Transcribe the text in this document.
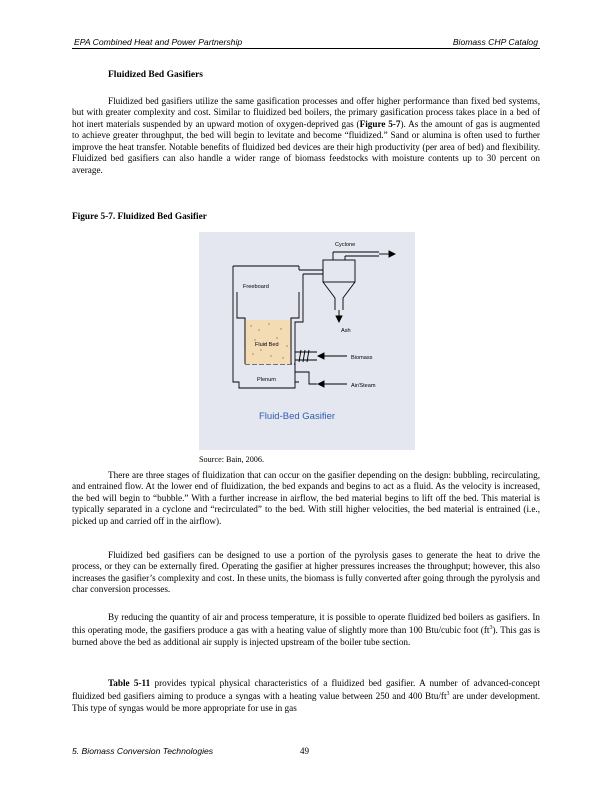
EPA Combined Heat and Power Partnership	Biomass CHP Catalog
Fluidized Bed Gasifiers

Fluidized bed gasifiers utilize the same gasification processes and offer higher performance than fixed bed systems, but with greater complexity and cost. Similar to fluidized bed boilers, the primary gasification process takes place in a bed of hot inert materials suspended by an upward motion of oxygen-deprived gas (Figure 5-7). As the amount of gas is augmented to achieve greater throughput, the bed will begin to levitate and become “fluidized.” Sand or alumina is often used to further improve the heat transfer. Notable benefits of fluidized bed devices are their high productivity (per area of bed) and flexibility. Fluidized bed gasifiers can also handle a wider range of biomass feedstocks with moisture contents up to 30 percent on average.

Figure 5-7. Fluidized Bed Gasifier
Cyclone
Freeboard
Ash
Fluid Bed
Biomass
Plenum
Air/Steam
Fluid-Bed Gasifier
Source: Bain, 2006.

There are three stages of fluidization that can occur on the gasifier depending on the design: bubbling, recirculating, and entrained flow. At the lower end of fluidization, the bed expands and begins to act as a fluid. As the velocity is increased, the bed will begin to “bubble.” With a further increase in airflow, the bed material begins to lift off the bed. This material is typically separated in a cyclone and “recirculated” to the bed. With still higher velocities, the bed material is entrained (i.e., picked up and carried off in the airflow).

Fluidized bed gasifiers can be designed to use a portion of the pyrolysis gases to generate the heat to drive the process, or they can be externally fired. Operating the gasifier at higher pressures increases the throughput; however, this also increases the gasifier’s complexity and cost. In these units, the biomass is fully converted after going through the pyrolysis and char conversion processes.

By reducing the quantity of air and process temperature, it is possible to operate fluidized bed boilers as gasifiers. In this operating mode, the gasifiers produce a gas with a heating value of slightly more than 100 Btu/cubic foot $(ft^3)$. This gas is burned above the bed as additional air supply is injected upstream of the boiler tube section.

Table 5-11 provides typical physical characteristics of a fluidized bed gasifier. A number of advanced-concept fluidized bed gasifiers aiming to produce a syngas with a heating value between 250 and 400 Btu/$ft^3$ are under development. This type of syngas would be more appropriate for use in gas

5. Biomass Conversion Technologies	49
